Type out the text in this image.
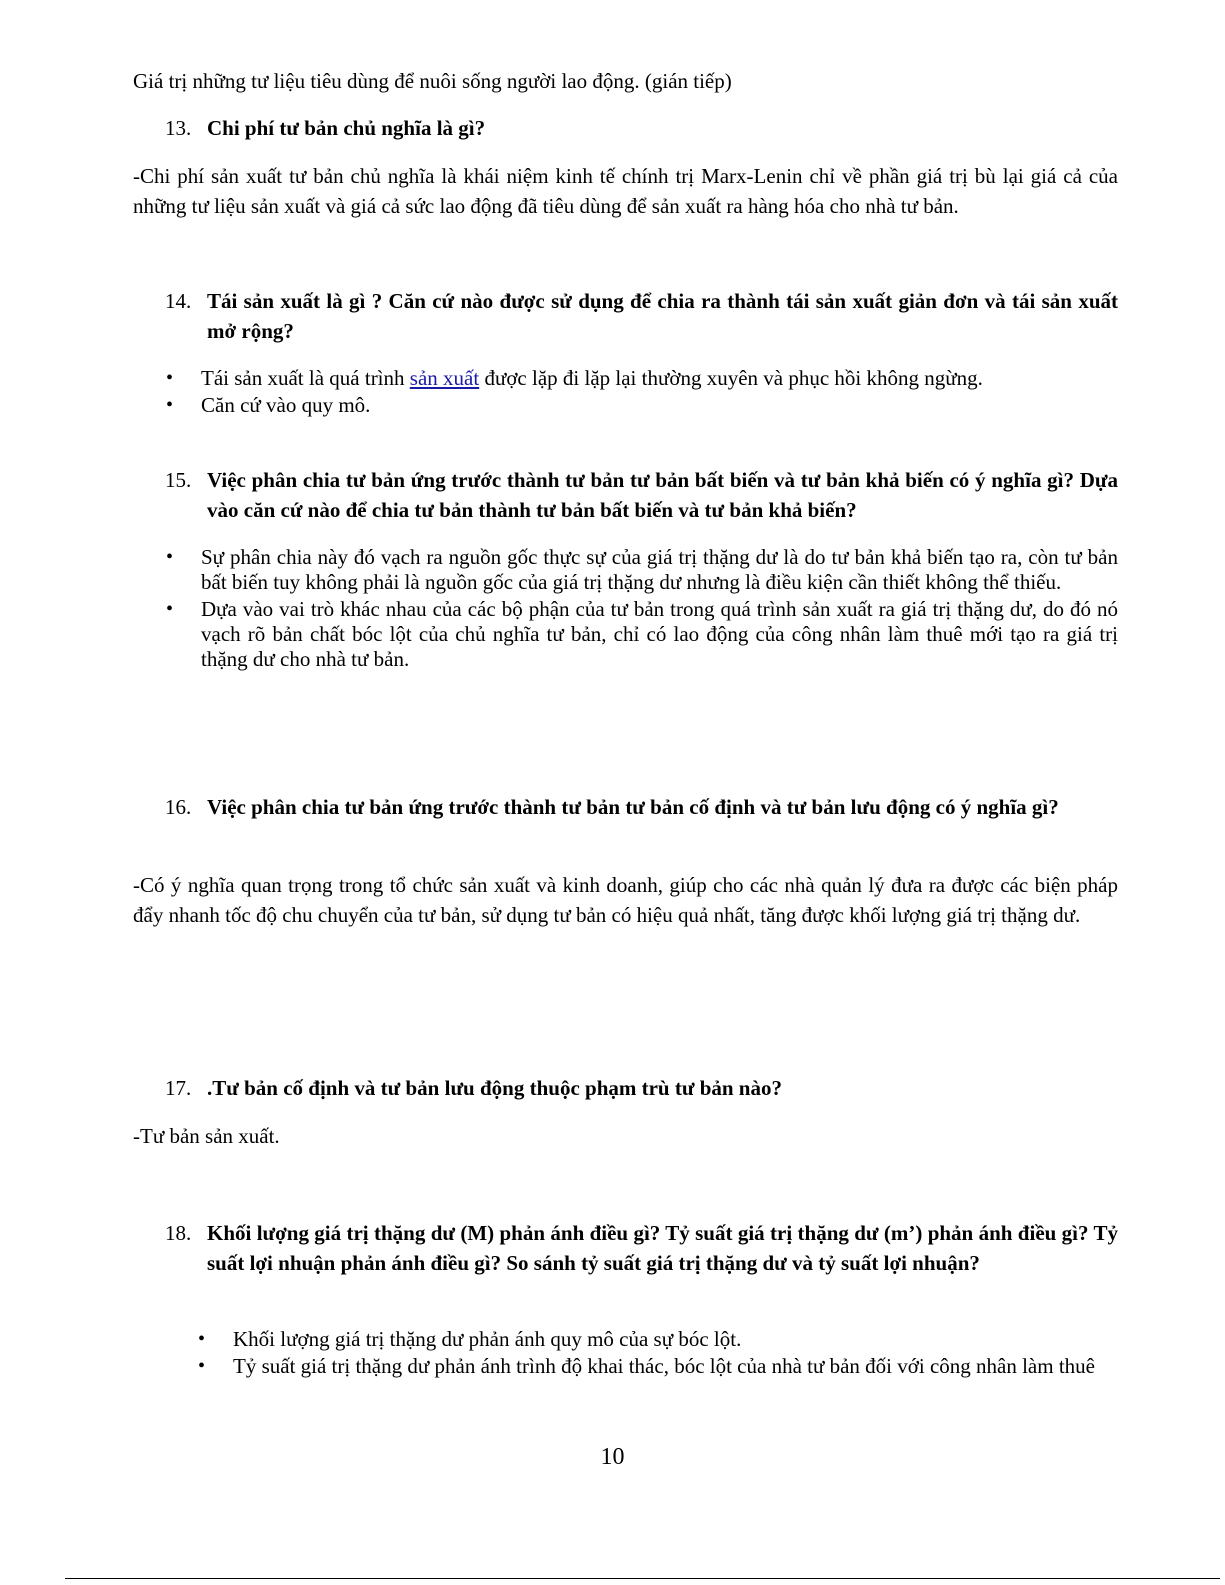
Giá trị những tư liệu tiêu dùng để nuôi sống người lao động. (gián tiếp)
13. Chi phí tư bản chủ nghĩa là gì?
-Chi phí sản xuất tư bản chủ nghĩa là khái niệm kinh tế chính trị Marx-Lenin chỉ về phần giá trị bù lại giá cả của những tư liệu sản xuất và giá cả sức lao động đã tiêu dùng để sản xuất ra hàng hóa cho nhà tư bản.
14. Tái sản xuất là gì ? Căn cứ nào được sử dụng để chia ra thành tái sản xuất giản đơn và tái sản xuất mở rộng?
• Tái sản xuất là quá trình sản xuất được lặp đi lặp lại thường xuyên và phục hồi không ngừng.
• Căn cứ vào quy mô.
15. Việc phân chia tư bản ứng trước thành tư bản tư bản bất biến và tư bản khả biến có ý nghĩa gì? Dựa vào căn cứ nào để chia tư bản thành tư bản bất biến và tư bản khả biến?
• Sự phân chia này đó vạch ra nguồn gốc thực sự của giá trị thặng dư là do tư bản khả biến tạo ra, còn tư bản bất biến tuy không phải là nguồn gốc của giá trị thặng dư nhưng là điều kiện cần thiết không thể thiếu.
• Dựa vào vai trò khác nhau của các bộ phận của tư bản trong quá trình sản xuất ra giá trị thặng dư, do đó nó vạch rõ bản chất bóc lột của chủ nghĩa tư bản, chỉ có lao động của công nhân làm thuê mới tạo ra giá trị thặng dư cho nhà tư bản.
16. Việc phân chia tư bản ứng trước thành tư bản tư bản cố định và tư bản lưu động có ý nghĩa gì?
-Có ý nghĩa quan trọng trong tổ chức sản xuất và kinh doanh, giúp cho các nhà quản lý đưa ra được các biện pháp đẩy nhanh tốc độ chu chuyển của tư bản, sử dụng tư bản có hiệu quả nhất, tăng được khối lượng giá trị thặng dư.
17. .Tư bản cố định và tư bản lưu động thuộc phạm trù tư bản nào?
-Tư bản sản xuất.
18. Khối lượng giá trị thặng dư (M) phản ánh điều gì? Tỷ suất giá trị thặng dư (m’) phản ánh điều gì? Tỷ suất lợi nhuận phản ánh điều gì? So sánh tỷ suất giá trị thặng dư và tỷ suất lợi nhuận?
• Khối lượng giá trị thặng dư phản ánh quy mô của sự bóc lột.
• Tỷ suất giá trị thặng dư phản ánh trình độ khai thác, bóc lột của nhà tư bản đối với công nhân làm thuê
10
